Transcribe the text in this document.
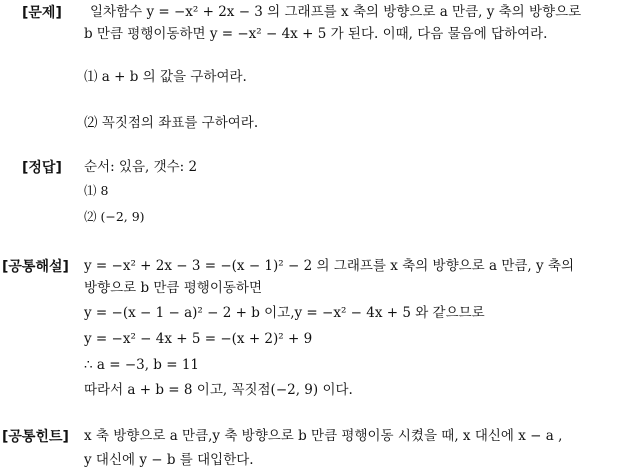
[문제] 일차함수 y = −x² + 2x − 3 의 그래프를 x 축의 방향으로 a 만큼, y 축의 방향으로
b 만큼 평행이동하면 y = −x² − 4x + 5 가 된다. 이때, 다음 물음에 답하여라.
⑴ a + b 의 값을 구하여라.
⑵ 꼭짓점의 좌표를 구하여라.
[정답] 순서: 있음, 갯수: 2
⑴ 8
⑵ (−2, 9)
[공통해설] y = −x² + 2x − 3 = −(x − 1)² − 2 의 그래프를 x 축의 방향으로 a 만큼, y 축의
방향으로 b 만큼 평행이동하면
y = −(x − 1 − a)² − 2 + b 이고,y = −x² − 4x + 5 와 같으므로
y = −x² − 4x + 5 = −(x + 2)² + 9
∴ a = −3, b = 11
따라서 a + b = 8 이고, 꼭짓점(−2, 9) 이다.
[공통힌트] x 축 방향으로 a 만큼,y 축 방향으로 b 만큼 평행이동 시켰을 때, x 대신에 x − a ,
y 대신에 y − b 를 대입한다.
